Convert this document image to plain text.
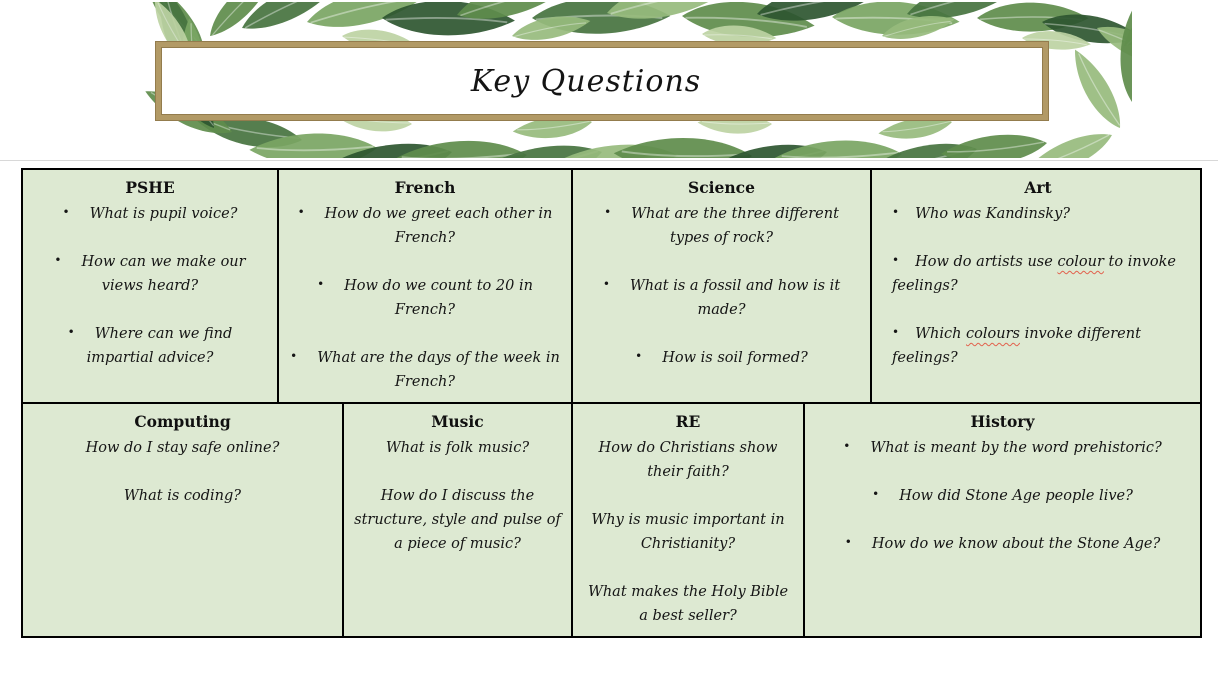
Key Questions
PSHE
• What is pupil voice?
• How can we make our views heard?
• Where can we find impartial advice?
French
• How do we greet each other in French?
• How do we count to 20 in French?
• What are the days of the week in French?
Science
• What are the three different types of rock?
• What is a fossil and how is it made?
• How is soil formed?
Art
• Who was Kandinsky?
• How do artists use colour to invoke feelings?
• Which colours invoke different feelings?
Computing
How do I stay safe online?
What is coding?
Music
What is folk music?
How do I discuss the structure, style and pulse of a piece of music?
RE
How do Christians show their faith?
Why is music important in Christianity?
What makes the Holy Bible a best seller?
History
• What is meant by the word prehistoric?
• How did Stone Age people live?
• How do we know about the Stone Age?
